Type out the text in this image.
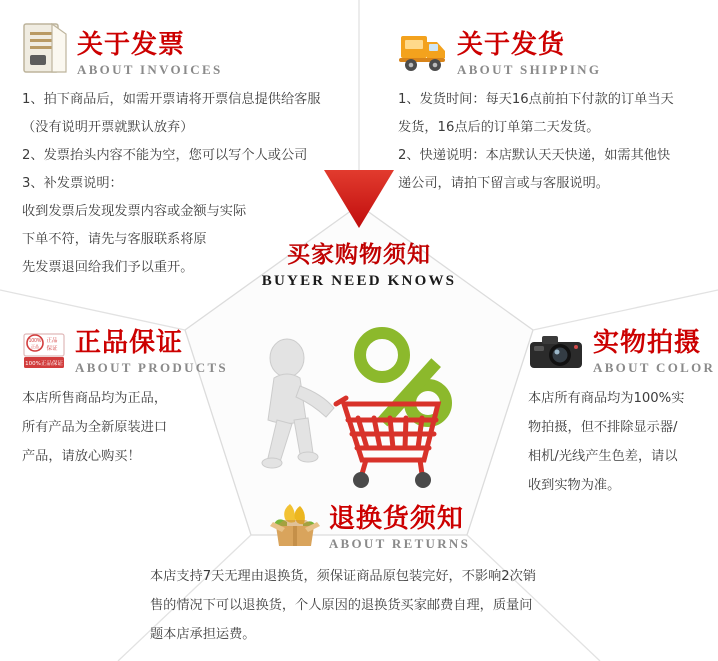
买家购物须知
BUYER NEED KNOWS
关于发票
ABOUT INVOICES

1、拍下商品后，如需开票请将开票信息提供给客服

（没有说明开票就默认放弃）

2、发票抬头内容不能为空，您可以写个人或公司

3、补发票说明：

收到发票后发现发票内容或金额与实际

下单不符，请先与客服联系将原

先发票退回给我们予以重开。

关于发货
ABOUT SHIPPING

1、发货时间：每天16点前拍下付款的订单当天

发货，16点后的订单第二天发货。

2、快递说明：本店默认天天快递，如需其他快

递公司，请拍下留言或与客服说明。

100%
正品
正品
保证
100%正品保证
正品保证
ABOUT PRODUCTS

本店所售商品均为正品，

所有产品为全新原装进口

产品，请放心购买！

实物拍摄
ABOUT COLOR

本店所有商品均为100%实

物拍摄，但不排除显示器/

相机/光线产生色差，请以

收到实物为准。

退换货须知
ABOUT RETURNS

本店支持7天无理由退换货，须保证商品原包装完好，不影响2次销

售的情况下可以退换货，个人原因的退换货买家邮费自理，质量问

题本店承担运费。
